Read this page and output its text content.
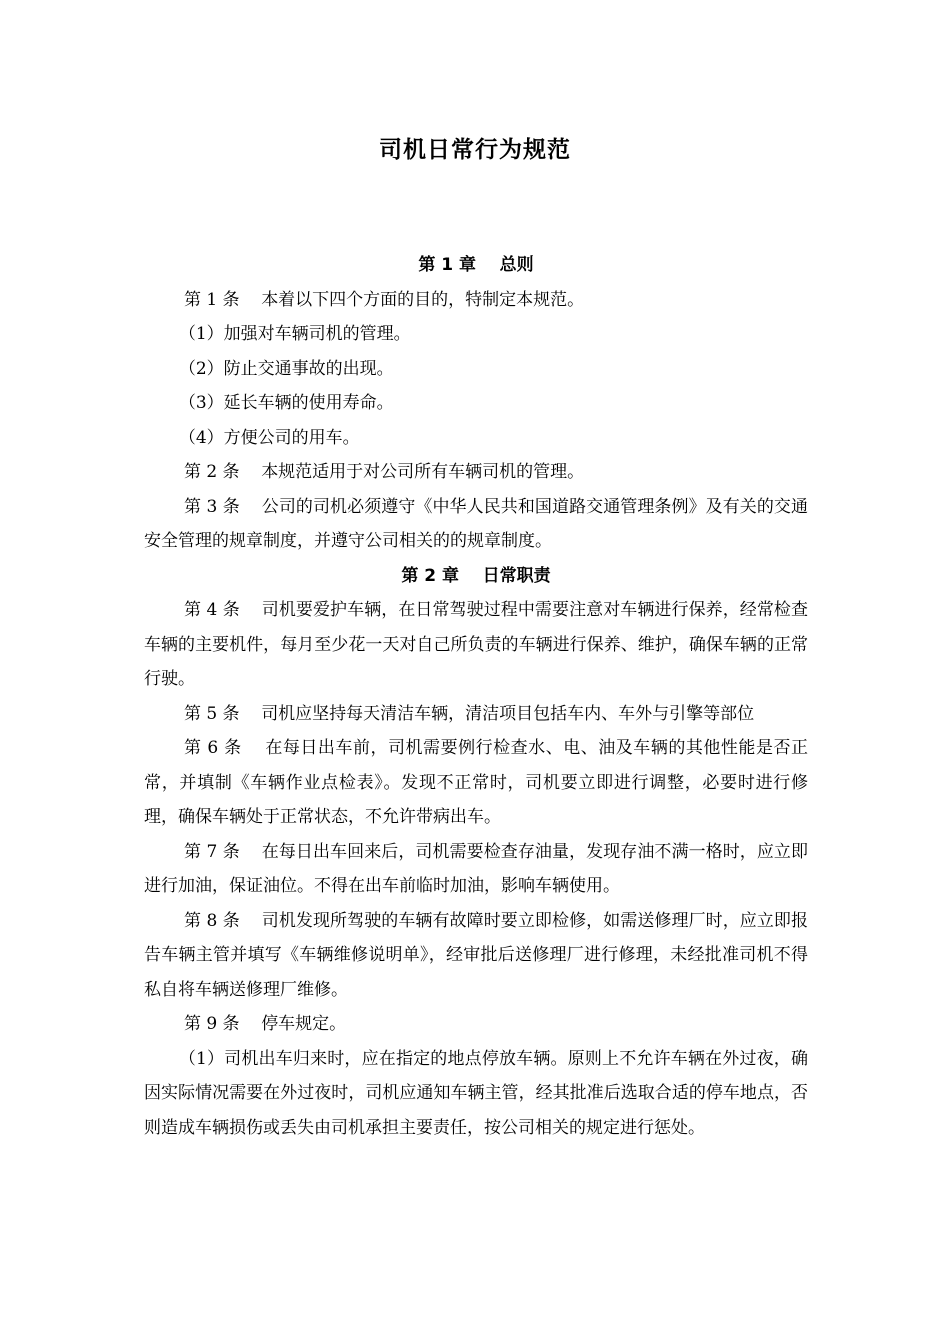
司机日常行为规范
第 1 章    总则

第 1 条    本着以下四个方面的目的，特制定本规范。

（1）加强对车辆司机的管理。

（2）防止交通事故的出现。

（3）延长车辆的使用寿命。

（4）方便公司的用车。

第 2 条    本规范适用于对公司所有车辆司机的管理。

第 3 条    公司的司机必须遵守《中华人民共和国道路交通管理条例》及有关的交通安全管理的规章制度，并遵守公司相关的的规章制度。

第 2 章    日常职责

第 4 条    司机要爱护车辆，在日常驾驶过程中需要注意对车辆进行保养，经常检查车辆的主要机件，每月至少花一天对自己所负责的车辆进行保养、维护，确保车辆的正常行驶。

第 5 条    司机应坚持每天清洁车辆，清洁项目包括车内、车外与引擎等部位

第 6 条    在每日出车前，司机需要例行检查水、电、油及车辆的其他性能是否正常，并填制《车辆作业点检表》。发现不正常时，司机要立即进行调整，必要时进行修理，确保车辆处于正常状态，不允许带病出车。

第 7 条    在每日出车回来后，司机需要检查存油量，发现存油不满一格时，应立即进行加油，保证油位。不得在出车前临时加油，影响车辆使用。

第 8 条    司机发现所驾驶的车辆有故障时要立即检修，如需送修理厂时，应立即报告车辆主管并填写《车辆维修说明单》，经审批后送修理厂进行修理，未经批准司机不得私自将车辆送修理厂维修。

第 9 条    停车规定。

（1）司机出车归来时，应在指定的地点停放车辆。原则上不允许车辆在外过夜，确因实际情况需要在外过夜时，司机应通知车辆主管，经其批准后选取合适的停车地点，否则造成车辆损伤或丢失由司机承担主要责任，按公司相关的规定进行惩处。
